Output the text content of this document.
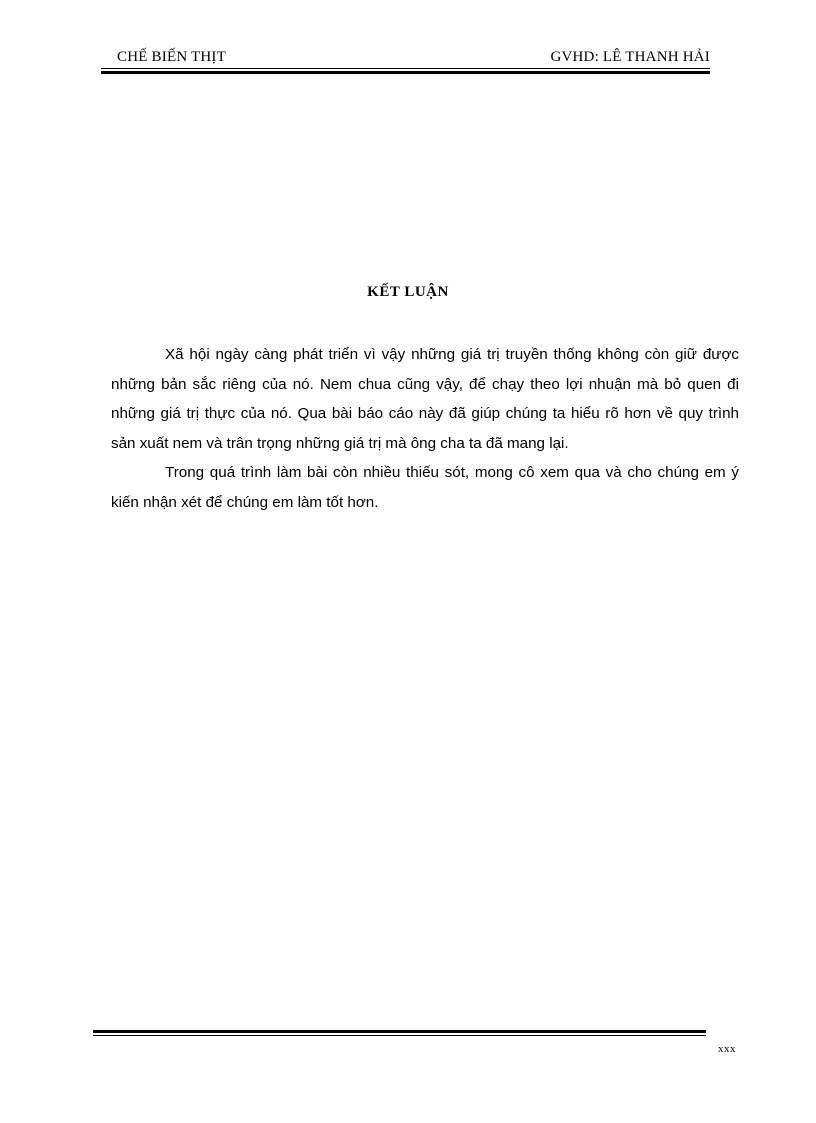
CHẾ BIẾN THỊT	GVHD: LÊ THANH HẢI
KẾT LUẬN

Xã hội ngày càng phát triển vì vậy những giá trị truyền thống không còn giữ được những bản sắc riêng của nó. Nem chua cũng vậy, để chạy theo lợi nhuận mà bỏ quen đi những giá trị thực của nó. Qua bài báo cáo này đã giúp chúng ta hiểu rõ hơn về quy trình sản xuất nem và trân trọng những giá trị mà ông cha ta đã mang lại.

Trong quá trình làm bài còn nhiều thiếu sót, mong cô xem qua và cho chúng em ý kiến nhận xét để chúng em làm tốt hơn.

xxx
